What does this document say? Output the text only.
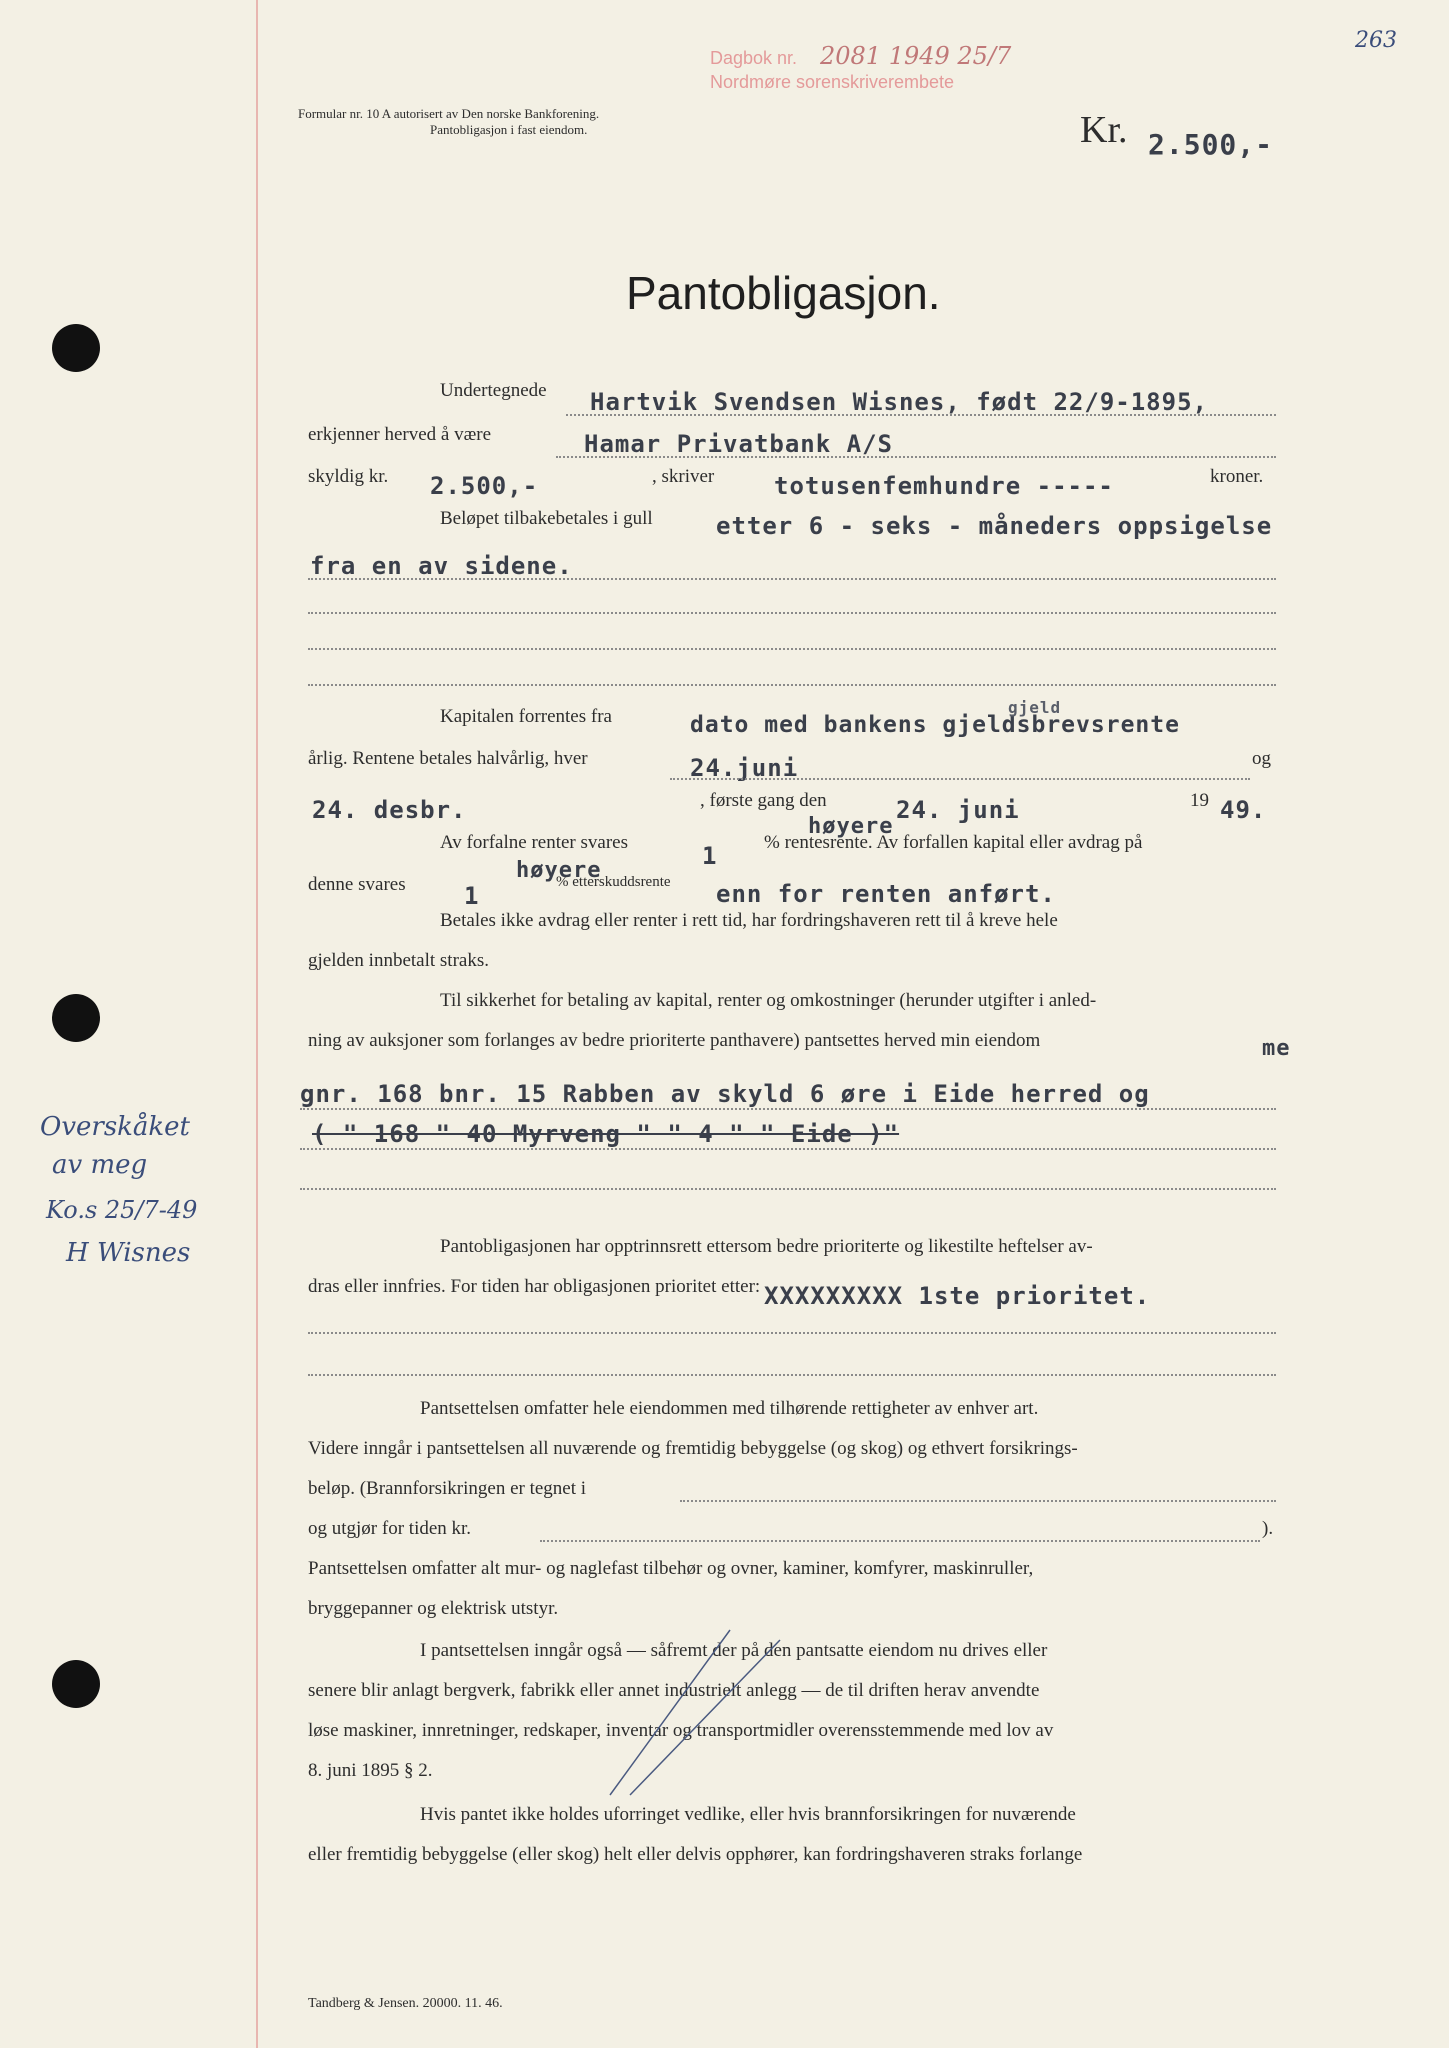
263
Dagbok nr. 2081 1949 25/7
Nordmøre sorenskriverembete
Formular nr. 10 A autorisert av Den norske Bankforening.
Pantobligasjon i fast eiendom.	Kr. 2.500,-
Pantobligasjon.
Undertegnede Hartvik Svendsen Wisnes, født 22/9-1895,
erkjenner herved å være	Hamar Privatbank A/S
skyldig kr. 2.500,-	, skriver totusenfemhundre -----	kroner.
Beløpet tilbakebetales i gull	etter 6 - seks - måneders oppsigelse
fra en av sidene.
Kapitalen forrentes fra	dato med bankens gjeldsbrevsrente
gjeld
årlig. Rentene betales halvårlig, hver	24.juni	og
24. desbr.	, første gang den	24. juni	19 49.
Av forfalne renter svares	1
høyere
% rentesrente. Av forfallen kapital eller avdrag på
denne svares 1
høyere
% etterskuddsrente enn for renten anført.
Betales ikke avdrag eller renter i rett tid, har fordringshaveren rett til å kreve hele
gjelden innbetalt straks.
Til sikkerhet for betaling av kapital, renter og omkostninger (herunder utgifter i anled-
ning av auksjoner som forlanges av bedre prioriterte panthavere) pantsettes herved min eiendom	me
gnr. 168 bnr. 15 Rabben av skyld 6 øre i Eide herred og
( " 168 " 40 Myrveng " " 4 " " Eide )"
Overskåket
av meg
Ko.s 25/7-49
H Wisnes	Pantobligasjonen har opptrinnsrett ettersom bedre prioriterte og likestilte heftelser av-
dras eller innfries. For tiden har obligasjonen prioritet etter: XXXXXXXXX 1ste prioritet.
Pantsettelsen omfatter hele eiendommen med tilhørende rettigheter av enhver art.
Videre inngår i pantsettelsen all nuværende og fremtidig bebyggelse (og skog) og ethvert forsikrings-
beløp. (Brannforsikringen er tegnet i
og utgjør for tiden kr.	).
Pantsettelsen omfatter alt mur- og naglefast tilbehør og ovner, kaminer, komfyrer, maskinruller,
bryggepanner og elektrisk utstyr.
I pantsettelsen inngår også — såfremt der på den pantsatte eiendom nu drives eller
senere blir anlagt bergverk, fabrikk eller annet industrielt anlegg — de til driften herav anvendte
løse maskiner, innretninger, redskaper, inventar og transportmidler overensstemmende med lov av
8. juni 1895 § 2.
Hvis pantet ikke holdes uforringet vedlike, eller hvis brannforsikringen for nuværende
eller fremtidig bebyggelse (eller skog) helt eller delvis opphører, kan fordringshaveren straks forlange
Tandberg & Jensen. 20000. 11. 46.
